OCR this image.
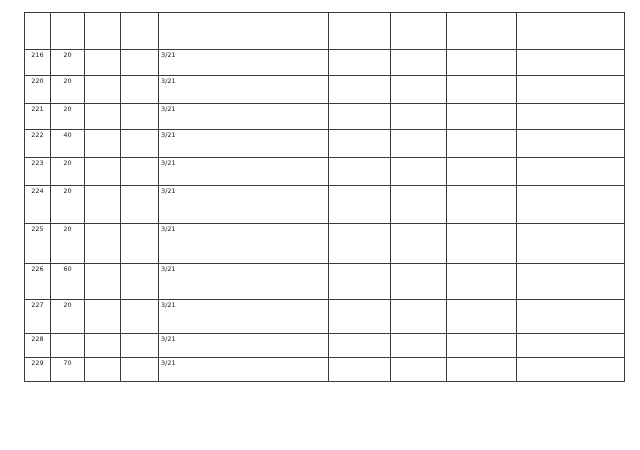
216	20			3/21				

220	20			3/21				

221	20			3/21				

222	40			3/21				

223	20			3/21				

224	20			3/21				

225	20			3/21				

226	60			3/21				

227	20			3/21				

228				3/21				

229	70			3/21				
